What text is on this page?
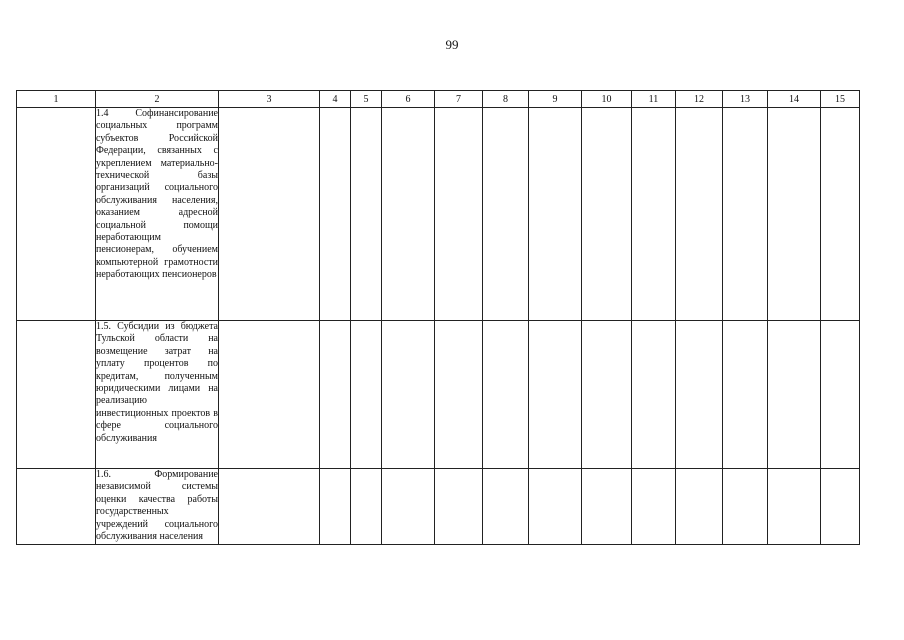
99
1	2	3	4	5	6	7	8	9	10	11	12	13	14	15
	1.4 Софинансирование социальных программ субъектов Российской Федерации, связанных с укреплением материально-технической базы организаций социального обслуживания населения, оказанием адресной социальной помощи неработающим пенсионерам, обучением компьютерной грамотности неработающих пенсионеров													
	1.5. Субсидии из бюджета Тульской области на возмещение затрат на уплату процентов по кредитам, полученным юридическими лицами на реализацию инвестиционных проектов в сфере социального обслуживания													
	1.6. Формирование независимой системы оценки качества работы государственных учреждений социального обслуживания населения													
